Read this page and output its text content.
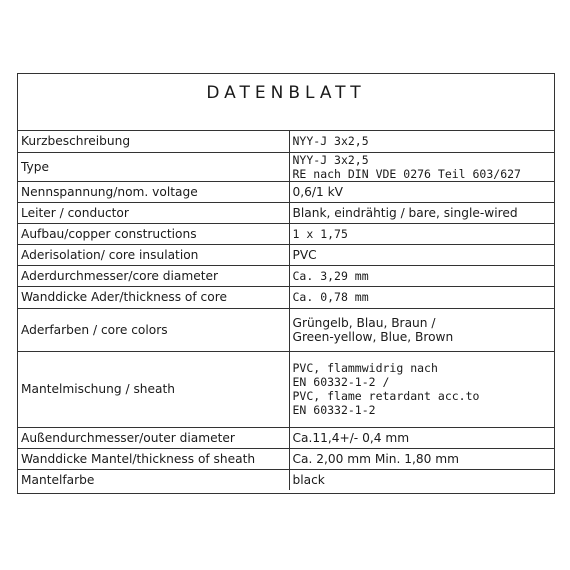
DATENBLATT
Kurzbeschreibung	NYY-J 3x2,5

Type	NYY-J 3x2,5
RE nach DIN VDE 0276 Teil 603/627

Nennspannung/nom. voltage	0,6/1 kV

Leiter / conductor	Blank, eindrähtig / bare, single-wired

Aufbau/copper constructions	1 x 1,75

Aderisolation/ core insulation	PVC

Aderdurchmesser/core diameter	Ca. 3,29 mm

Wanddicke Ader/thickness of core	Ca. 0,78 mm

Aderfarben / core colors	Grüngelb, Blau, Braun /
Green-yellow, Blue, Brown

Mantelmischung / sheath	PVC, flammwidrig nach
EN 60332-1-2 /
PVC, flame retardant acc.to
EN 60332-1-2

Außendurchmesser/outer diameter	Ca.11,4+/- 0,4 mm

Wanddicke Mantel/thickness of sheath	Ca. 2,00 mm Min. 1,80 mm

Mantelfarbe	black
